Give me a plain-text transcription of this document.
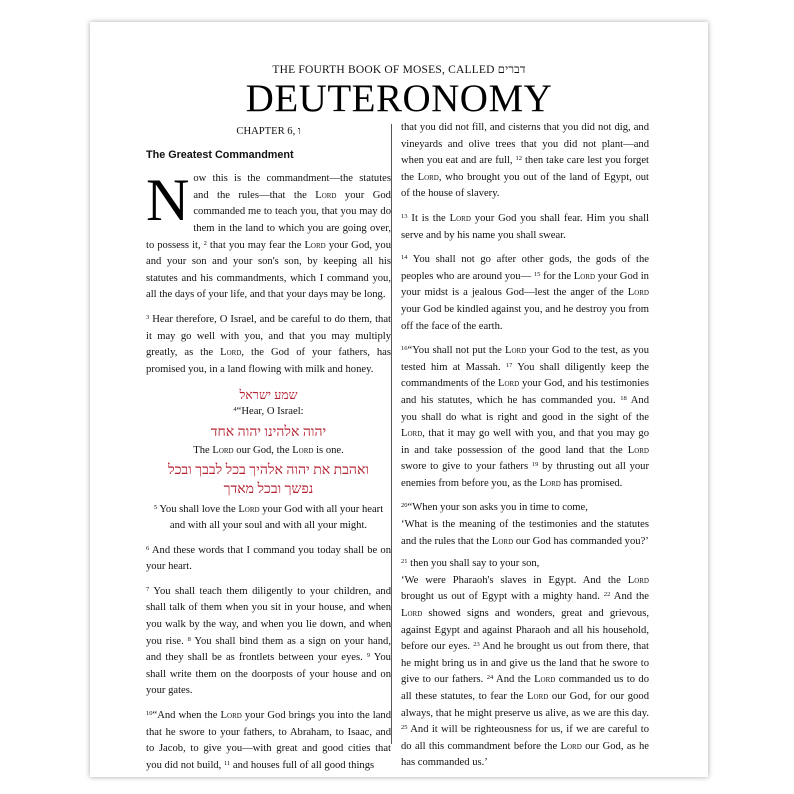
THE FOURTH BOOK OF MOSES, CALLED דברים
DEUTERONOMY
CHAPTER 6, ו
The Greatest Commandment

Now this is the commandment—the statutes and the rules—that the Lord your God commanded me to teach you, that you may do them in the land to which you are going over, to possess it, $^2$ that you may fear the Lord your God, you and your son and your son's son, by keeping all his statutes and his commandments, which I command you, all the days of your life, and that your days may be long.

$^3$ Hear therefore, O Israel, and be careful to do them, that it may go well with you, and that you may multiply greatly, as the Lord, the God of your fathers, has promised you, in a land flowing with milk and honey.

שמע ישראל
$^4$“Hear, O Israel:
יהוה אלהינו יהוה אחד
The Lord our God, the Lord is one.
ואהבת את יהוה אלהיך בכל לבבך ובכל
נפשך ובכל מאדך

$^5$ You shall love the Lord your God with all your heart and with all your soul and with all your might.

$^6$ And these words that I command you today shall be on your heart.

$^7$ You shall teach them diligently to your children, and shall talk of them when you sit in your house, and when you walk by the way, and when you lie down, and when you rise. $^8$ You shall bind them as a sign on your hand, and they shall be as frontlets between your eyes. $^9$ You shall write them on the doorposts of your house and on your gates.

$^{10}$“And when the Lord your God brings you into the land that he swore to your fathers, to Abraham, to Isaac, and to Jacob, to give you—with great and good cities that you did not build, $^{11}$ and houses full of all good things

that you did not fill, and cisterns that you did not dig, and vineyards and olive trees that you did not plant—and when you eat and are full, $^{12}$ then take care lest you forget the Lord, who brought you out of the land of Egypt, out of the house of slavery.

$^{13}$ It is the Lord your God you shall fear. Him you shall serve and by his name you shall swear.

$^{14}$ You shall not go after other gods, the gods of the peoples who are around you— $^{15}$ for the Lord your God in your midst is a jealous God—lest the anger of the Lord your God be kindled against you, and he destroy you from off the face of the earth.

$^{16}$“You shall not put the Lord your God to the test, as you tested him at Massah. $^{17}$ You shall diligently keep the commandments of the Lord your God, and his testimonies and his statutes, which he has commanded you. $^{18}$ And you shall do what is right and good in the sight of the Lord, that it may go well with you, and that you may go in and take possession of the good land that the Lord swore to give to your fathers $^{19}$ by thrusting out all your enemies from before you, as the Lord has promised.

$^{20}$“When your son asks you in time to come,
‘What is the meaning of the testimonies and the statutes and the rules that the Lord our God has commanded you?’
$^{21}$ then you shall say to your son,
‘We were Pharaoh's slaves in Egypt. And the Lord brought us out of Egypt with a mighty hand. $^{22}$ And the Lord showed signs and wonders, great and grievous, against Egypt and against Pharaoh and all his household, before our eyes. $^{23}$ And he brought us out from there, that he might bring us in and give us the land that he swore to give to our fathers. $^{24}$ And the Lord commanded us to do all these statutes, to fear the Lord our God, for our good always, that he might preserve us alive, as we are this day. $^{25}$ And it will be righteousness for us, if we are careful to do all this commandment before the Lord our God, as he has commanded us.’
